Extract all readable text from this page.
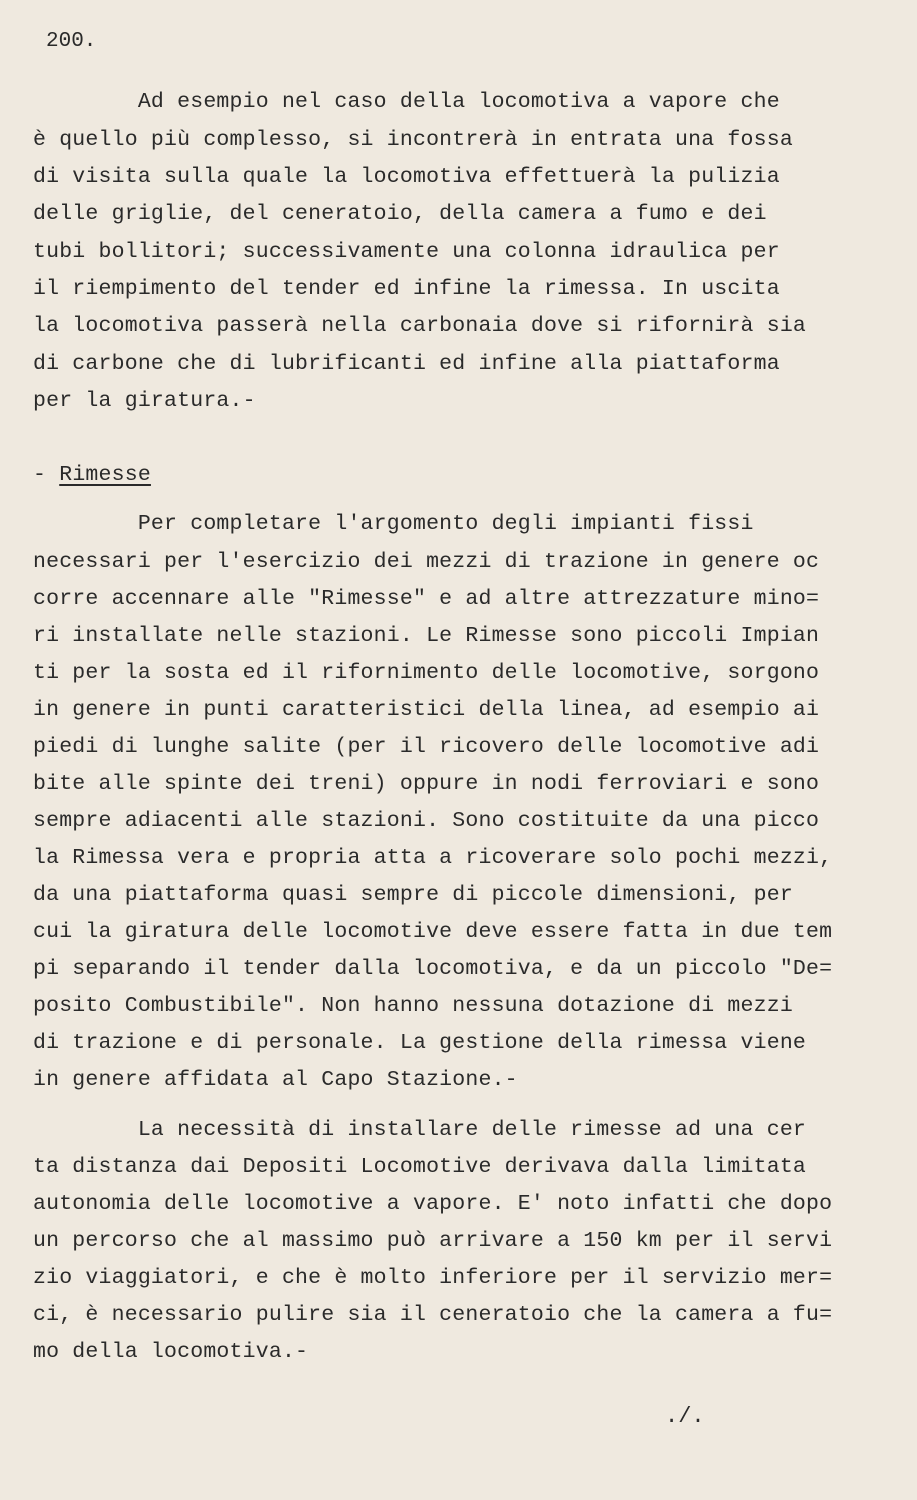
200.
Ad esempio nel caso della locomotiva a vapore che
è quello più complesso, si incontrerà in entrata una fossa
di visita sulla quale la locomotiva effettuerà la pulizia
delle griglie, del ceneratoio, della camera a fumo e dei
tubi bollitori; successivamente una colonna idraulica per
il riempimento del tender ed infine la rimessa. In uscita
la locomotiva passerà nella carbonaia dove si rifornirà sia
di carbone che di lubrificanti ed infine alla piattaforma
per la giratura.-
- Rimesse
Per completare l'argomento degli impianti fissi
necessari per l'esercizio dei mezzi di trazione in genere oc
corre accennare alle "Rimesse" e ad altre attrezzature mino=
ri installate nelle stazioni. Le Rimesse sono piccoli Impian
ti per la sosta ed il rifornimento delle locomotive, sorgono
in genere in punti caratteristici della linea, ad esempio ai
piedi di lunghe salite (per il ricovero delle locomotive adi
bite alle spinte dei treni) oppure in nodi ferroviari e sono
sempre adiacenti alle stazioni. Sono costituite da una picco
la Rimessa vera e propria atta a ricoverare solo pochi mezzi,
da una piattaforma quasi sempre di piccole dimensioni, per
cui la giratura delle locomotive deve essere fatta in due tem
pi separando il tender dalla locomotiva, e da un piccolo "De=
posito Combustibile". Non hanno nessuna dotazione di mezzi
di trazione e di personale. La gestione della rimessa viene
in genere affidata al Capo Stazione.-
La necessità di installare delle rimesse ad una cer
ta distanza dai Depositi Locomotive derivava dalla limitata
autonomia delle locomotive a vapore. E' noto infatti che dopo
un percorso che al massimo può arrivare a 150 km per il servi
zio viaggiatori, e che è molto inferiore per il servizio mer=
ci, è necessario pulire sia il ceneratoio che la camera a fu=
mo della locomotiva.-
./.
